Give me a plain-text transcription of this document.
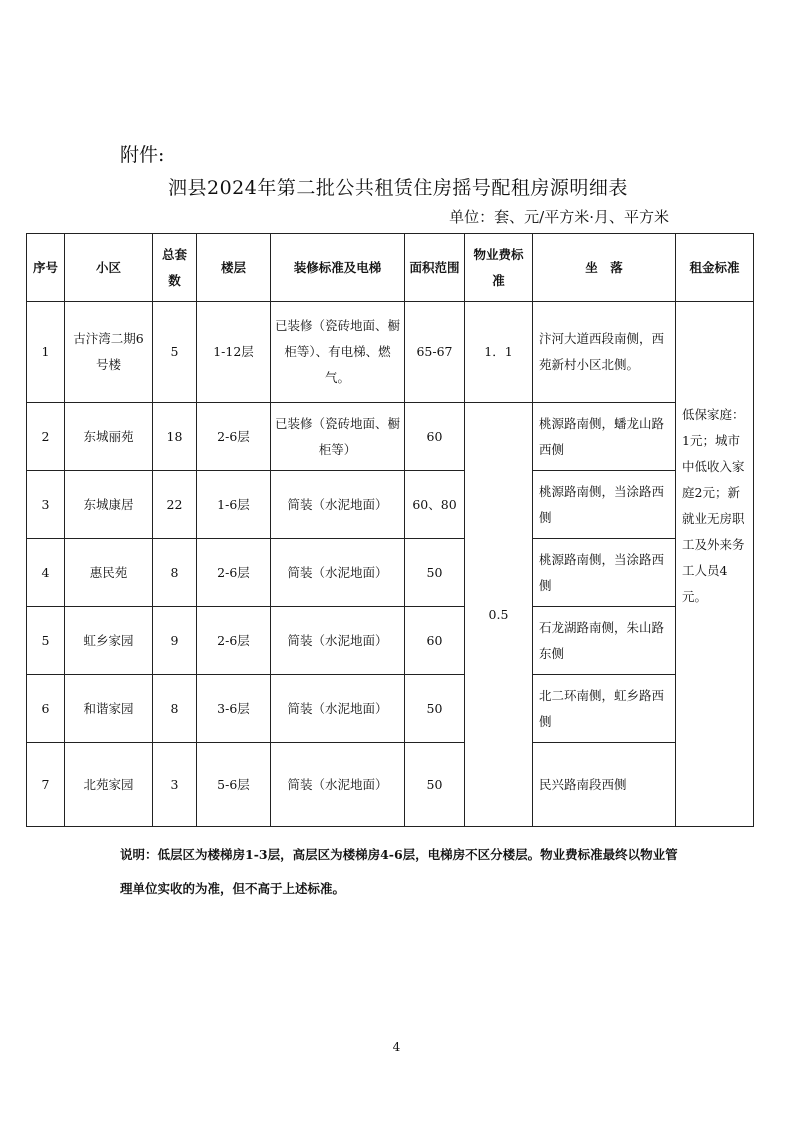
附件:
泗县2024年第二批公共租赁住房摇号配租房源明细表
单位：套、元/平方米·月、平方米
序号	小区	总套数	楼层	装修标准及电梯	面积范围	物业费标准	坐　落	租金标准
1	古汴湾二期6号楼	5	1-12层	已装修（瓷砖地面、橱柜等）、有电梯、燃气。	65-67	1．1	汴河大道西段南侧，西苑新村小区北侧。	低保家庭：1元；城市中低收入家庭2元；新就业无房职工及外来务工人员4元。
2	东城丽苑	18	2-6层	已装修（瓷砖地面、橱柜等）	60	0.5	桃源路南侧，蟠龙山路西侧	
3	东城康居	22	1-6层	简装（水泥地面）	60、80		桃源路南侧，当涂路西侧	
4	惠民苑	8	2-6层	简装（水泥地面）	50		桃源路南侧，当涂路西侧	
5	虹乡家园	9	2-6层	简装（水泥地面）	60		石龙湖路南侧，朱山路东侧	
6	和谐家园	8	3-6层	简装（水泥地面）	50		北二环南侧，虹乡路西侧	
7	北苑家园	3	5-6层	简装（水泥地面）	50		民兴路南段西侧	
说明：低层区为楼梯房1-3层，高层区为楼梯房4-6层，电梯房不区分楼层。物业费标准最终以物业管理单位实收的为准，但不高于上述标准。
4
